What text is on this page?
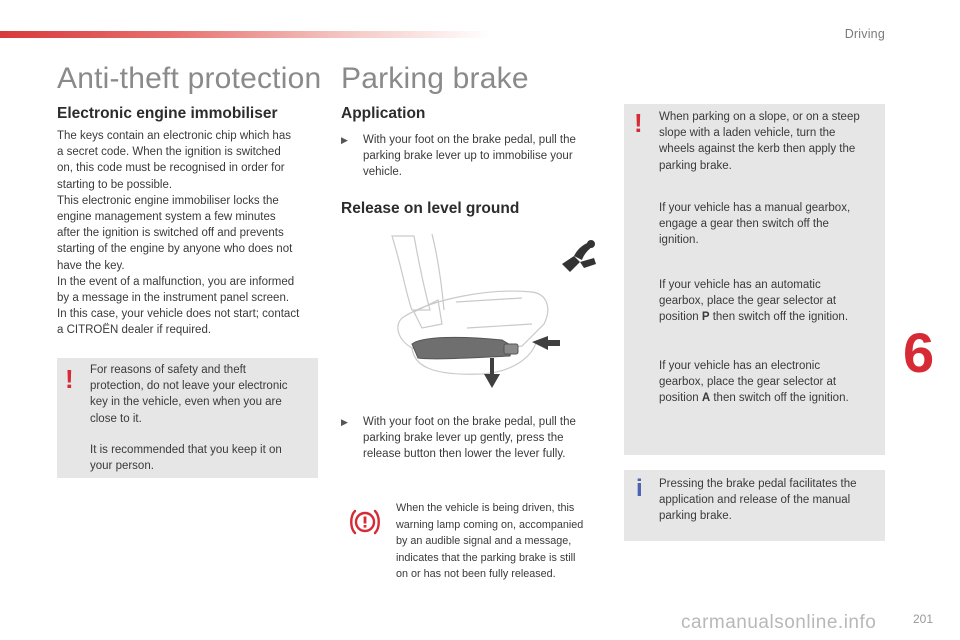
Driving
6
201
carmanualsonline.info
Anti-theft protection
Electronic engine immobiliser
The keys contain an electronic chip which has
a secret code. When the ignition is switched
on, this code must be recognised in order for
starting to be possible.
This electronic engine immobiliser locks the
engine management system a few minutes
after the ignition is switched off and prevents
starting of the engine by anyone who does not
have the key.
In the event of a malfunction, you are informed
by a message in the instrument panel screen.
In this case, your vehicle does not start; contact
a CITROËN dealer if required.
! For reasons of safety and theft
protection, do not leave your electronic
key in the vehicle, even when you are
close to it.
It is recommended that you keep it on
your person.
Parking brake
Application
▶ With your foot on the brake pedal, pull the
parking brake lever up to immobilise your
vehicle.
Release on level ground
▶ With your foot on the brake pedal, pull the
parking brake lever up gently, press the
release button then lower the lever fully.
When the vehicle is being driven, this
warning lamp coming on, accompanied
by an audible signal and a message,
indicates that the parking brake is still
on or has not been fully released.
! When parking on a slope, or on a steep
slope with a laden vehicle, turn the
wheels against the kerb then apply the
parking brake.
If your vehicle has a manual gearbox,
engage a gear then switch off the
ignition.
If your vehicle has an automatic
gearbox, place the gear selector at
position P then switch off the ignition.
If your vehicle has an electronic
gearbox, place the gear selector at
position A then switch off the ignition.
i Pressing the brake pedal facilitates the
application and release of the manual
parking brake.
